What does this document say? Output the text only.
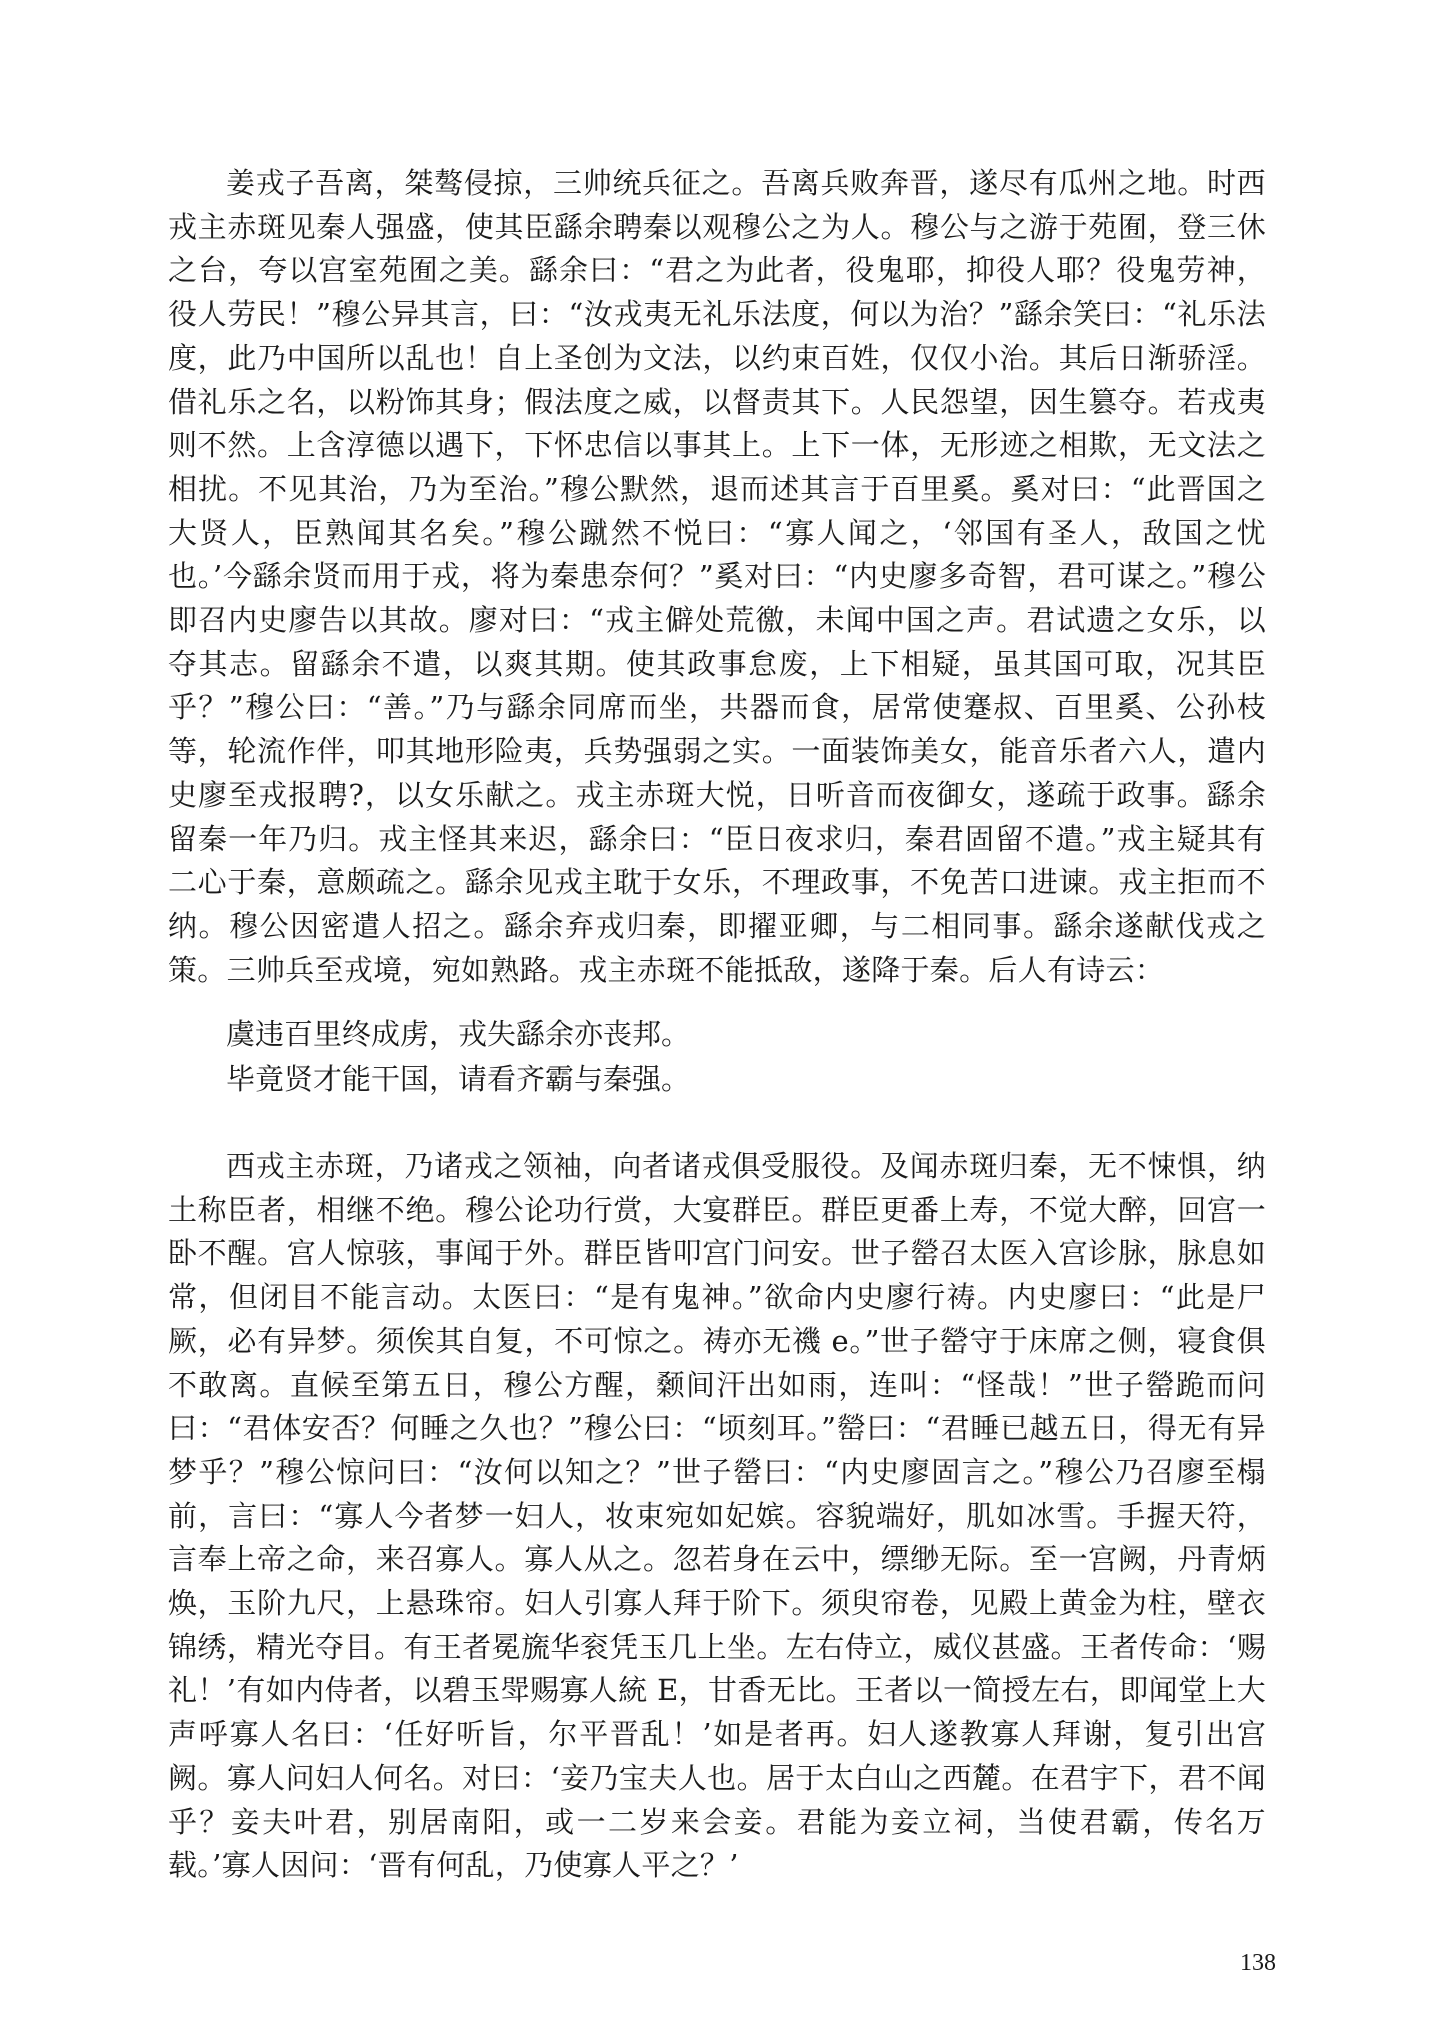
姜戎子吾离，桀骜侵掠，三帅统兵征之。吾离兵败奔晋，遂尽有瓜州之地。时西戎主赤斑见秦人强盛，使其臣繇余聘秦以观穆公之为人。穆公与之游于苑囿，登三休之台，夸以宫室苑囿之美。繇余曰：“君之为此者，役鬼耶，抑役人耶？役鬼劳神，役人劳民！”穆公异其言，曰：“汝戎夷无礼乐法度，何以为治？”繇余笑曰：“礼乐法度，此乃中国所以乱也！自上圣创为文法，以约束百姓，仅仅小治。其后日渐骄淫。借礼乐之名，以粉饰其身；假法度之威，以督责其下。人民怨望，因生篡夺。若戎夷则不然。上含淳德以遇下，下怀忠信以事其上。上下一体，无形迹之相欺，无文法之相扰。不见其治，乃为至治。”穆公默然，退而述其言于百里奚。奚对曰：“此晋国之大贤人，臣熟闻其名矣。”穆公蹴然不悦曰：“寡人闻之，‘邻国有圣人，敌国之忧也。’今繇余贤而用于戎，将为秦患奈何？”奚对曰：“内史廖多奇智，君可谋之。”穆公即召内史廖告以其故。廖对曰：“戎主僻处荒徼，未闻中国之声。君试遗之女乐，以夺其志。留繇余不遣，以爽其期。使其政事怠废，上下相疑，虽其国可取，况其臣乎？”穆公曰：“善。”乃与繇余同席而坐，共器而食，居常使蹇叔、百里奚、公孙枝等，轮流作伴，叩其地形险夷，兵势强弱之实。一面装饰美女，能音乐者六人，遣内史廖至戎报聘?，以女乐献之。戎主赤斑大悦，日听音而夜御女，遂疏于政事。繇余留秦一年乃归。戎主怪其来迟，繇余曰：“臣日夜求归，秦君固留不遣。”戎主疑其有二心于秦，意颇疏之。繇余见戎主耽于女乐，不理政事，不免苦口进谏。戎主拒而不纳。穆公因密遣人招之。繇余弃戎归秦，即擢亚卿，与二相同事。繇余遂献伐戎之策。三帅兵至戎境，宛如熟路。戎主赤斑不能抵敌，遂降于秦。后人有诗云：

虞违百里终成虏，戎失繇余亦丧邦。
毕竟贤才能干国，请看齐霸与秦强。

西戎主赤斑，乃诸戎之领袖，向者诸戎俱受服役。及闻赤斑归秦，无不悚惧，纳土称臣者，相继不绝。穆公论功行赏，大宴群臣。群臣更番上寿，不觉大醉，回宫一卧不醒。宫人惊骇，事闻于外。群臣皆叩宫门问安。世子罃召太医入宫诊脉，脉息如常，但闭目不能言动。太医曰：“是有鬼神。”欲命内史廖行祷。内史廖曰：“此是尸厥，必有异梦。须俟其自复，不可惊之。祷亦无禨 e。”世子罃守于床席之侧，寝食俱不敢离。直候至第五日，穆公方醒，颡间汗出如雨，连叫：“怪哉！”世子罃跪而问曰：“君体安否？何睡之久也？”穆公曰：“顷刻耳。”罃曰：“君睡已越五日，得无有异梦乎？”穆公惊问曰：“汝何以知之？”世子罃曰：“内史廖固言之。”穆公乃召廖至榻前，言曰：“寡人今者梦一妇人，妆束宛如妃嫔。容貌端好，肌如冰雪。手握天符，言奉上帝之命，来召寡人。寡人从之。忽若身在云中，缥缈无际。至一宫阙，丹青炳焕，玉阶九尺，上悬珠帘。妇人引寡人拜于阶下。须臾帘卷，见殿上黄金为柱，壁衣锦绣，精光夺目。有王者冕旒华衮凭玉几上坐。左右侍立，威仪甚盛。王者传命：‘赐礼！’有如内侍者，以碧玉斝赐寡人統 E，甘香无比。王者以一简授左右，即闻堂上大声呼寡人名曰：‘任好听旨，尔平晋乱！’如是者再。妇人遂教寡人拜谢，复引出宫阙。寡人问妇人何名。对曰：‘妾乃宝夫人也。居于太白山之西麓。在君宇下，君不闻乎？妾夫叶君，别居南阳，或一二岁来会妾。君能为妾立祠，当使君霸，传名万载。’寡人因问：‘晋有何乱，乃使寡人平之？’

138
